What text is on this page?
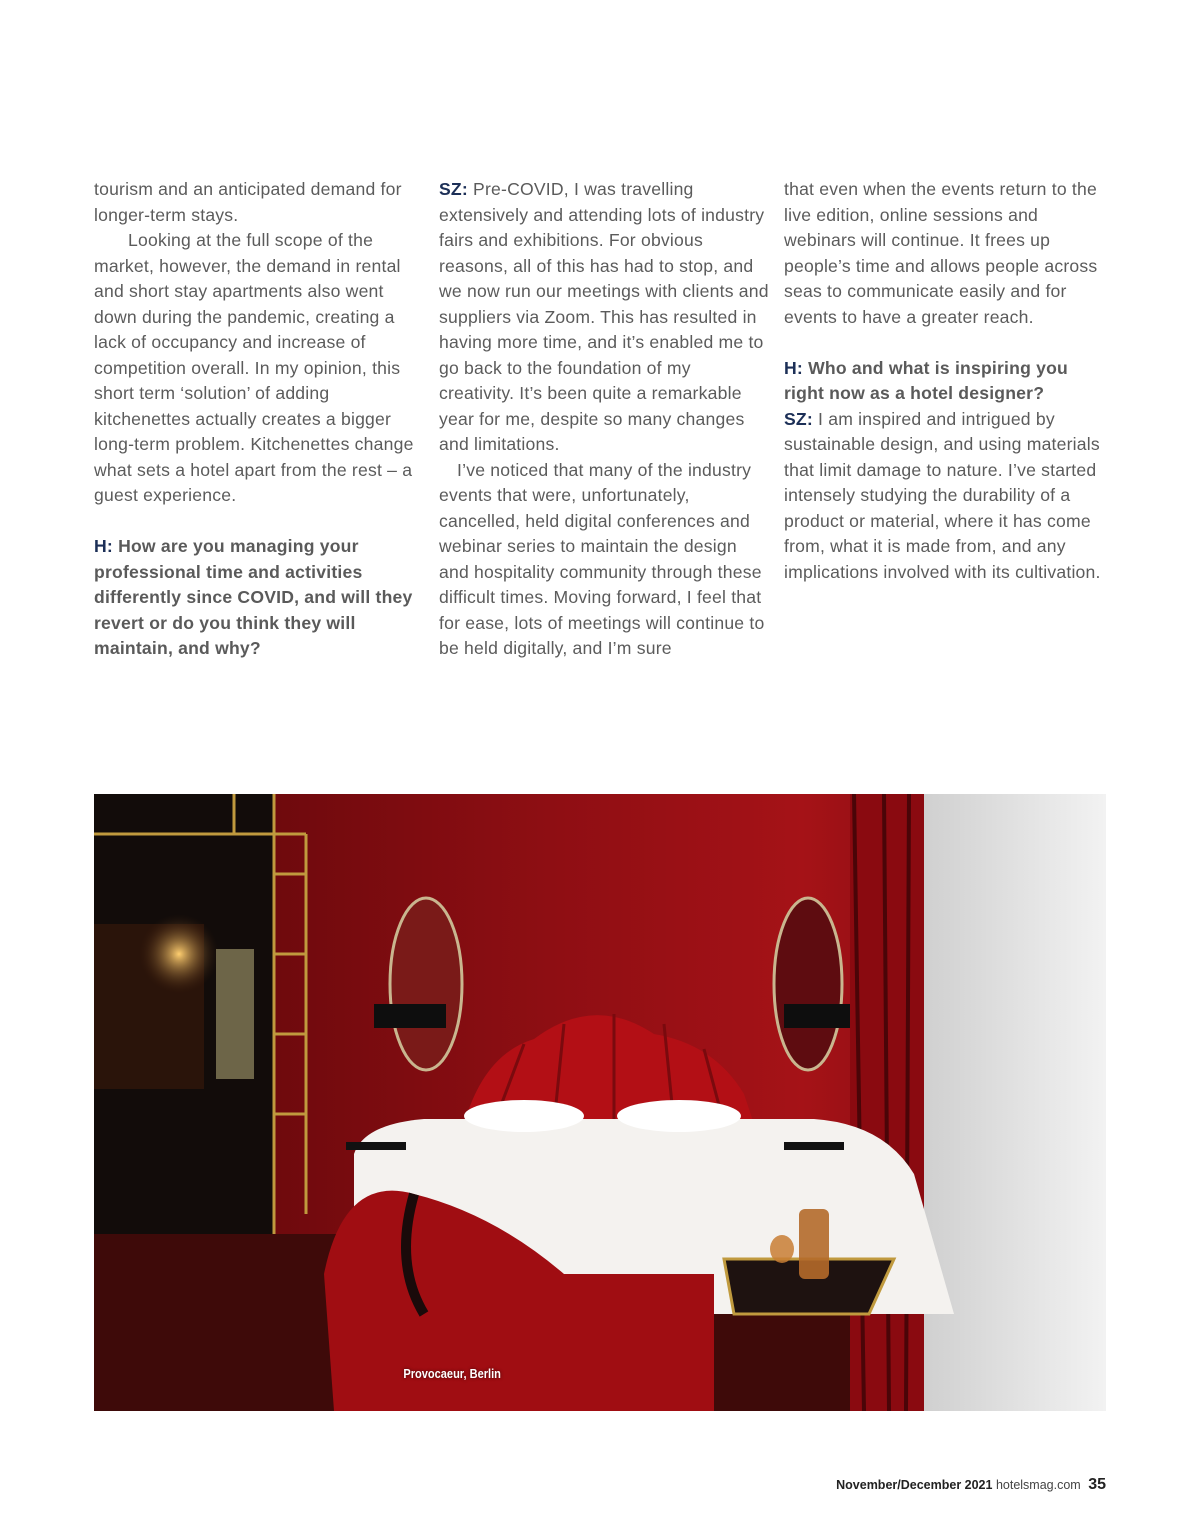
tourism and an anticipated demand for longer-term stays.

Looking at the full scope of the market, however, the demand in rental and short stay apartments also went down during the pandemic, creating a lack of occupancy and increase of competition overall. In my opinion, this short term ‘solution’ of adding kitchenettes actually creates a bigger long-term problem. Kitchenettes change what sets a hotel apart from the rest – a guest experience.

H: How are you managing your professional time and activities differently since COVID, and will they revert or do you think they will maintain, and why?

SZ: Pre-COVID, I was travelling extensively and attending lots of industry fairs and exhibitions. For obvious reasons, all of this has had to stop, and we now run our meetings with clients and suppliers via Zoom. This has resulted in having more time, and it’s enabled me to go back to the foundation of my creativity. It’s been quite a remarkable year for me, despite so many changes and limitations.

I’ve noticed that many of the industry events that were, unfortunately, cancelled, held digital conferences and webinar series to maintain the design and hospitality community through these difficult times. Moving forward, I feel that for ease, lots of meetings will continue to be held digitally, and I’m sure

that even when the events return to the live edition, online sessions and webinars will continue. It frees up people’s time and allows people across seas to communicate easily and for events to have a greater reach.

H: Who and what is inspiring you right now as a hotel designer?

SZ: I am inspired and intrigued by sustainable design, and using materials that limit damage to nature. I’ve started intensely studying the durability of a product or material, where it has come from, what it is made from, and any implications involved with its cultivation.

Provocaeur, Berlin
November/December 2021 hotelsmag.com 35
